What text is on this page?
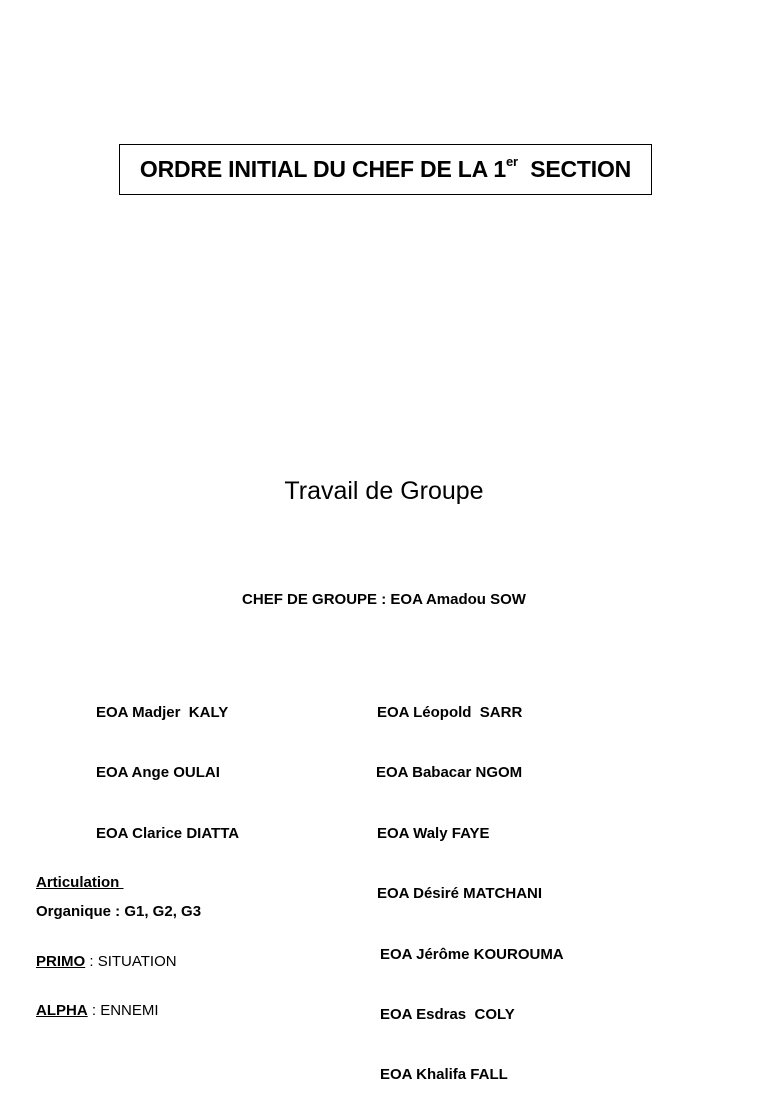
ORDRE INITIAL DU CHEF DE LA 1er  SECTION
Travail de Groupe
CHEF DE GROUPE : EOA Amadou SOW

EOA Madjer  KALY

EOA Ange OULAI

EOA Clarice DIATTA

EOA Léopold  SARR

EOA Babacar NGOM

EOA Waly FAYE

EOA Désiré MATCHANI

EOA Jérôme KOUROUMA

EOA Esdras  COLY

EOA Khalifa FALL

Articulation
Organique : G1, G2, G3
PRIMO : SITUATION
ALPHA : ENNEMI
